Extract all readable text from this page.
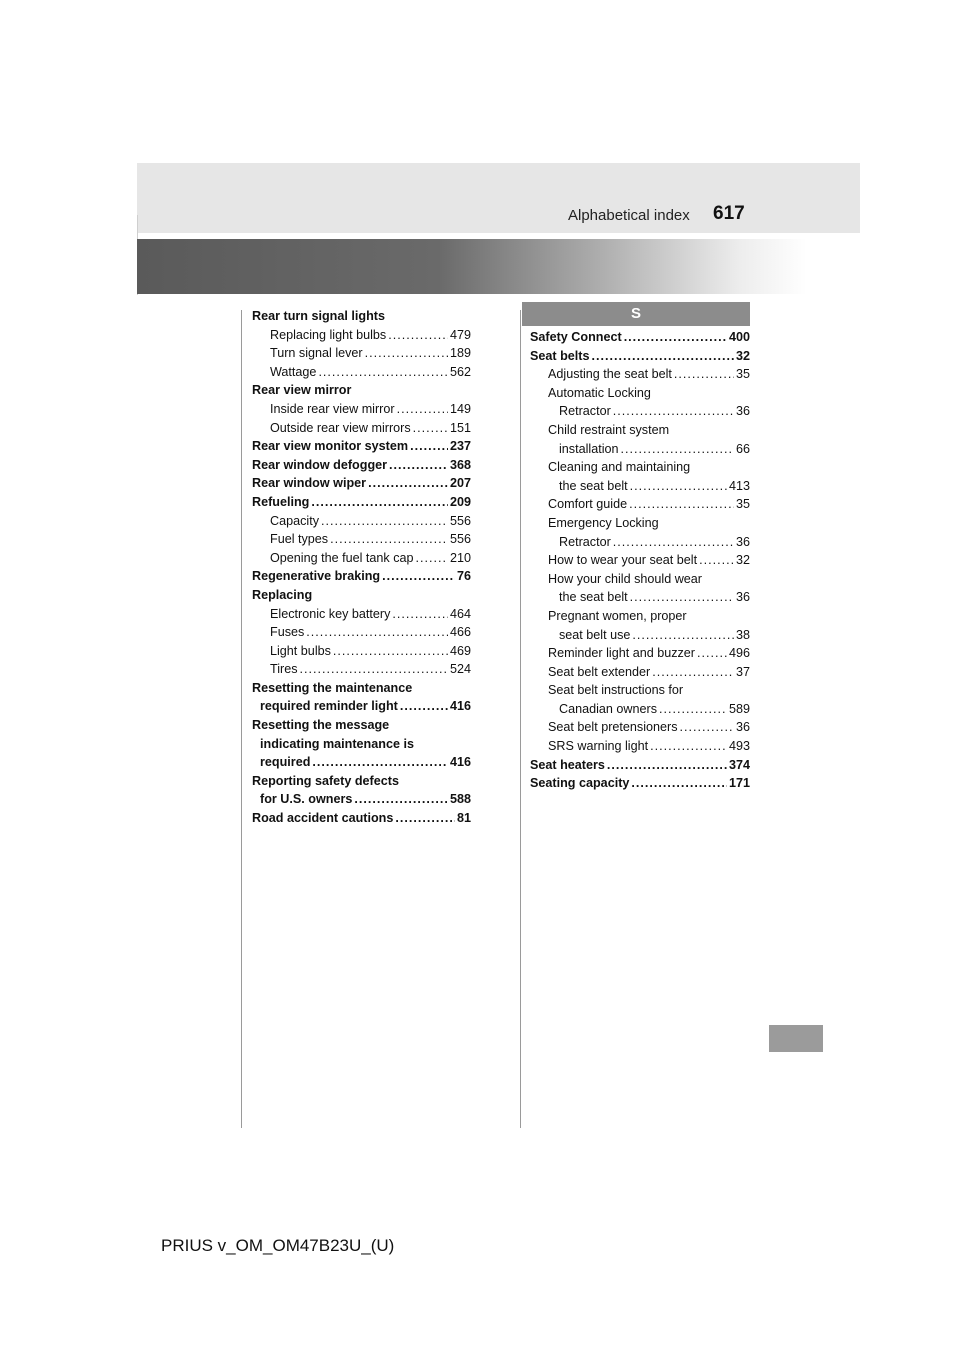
Alphabetical index 617
Rear turn signal lights
Replacing light bulbs .....	479
Turn signal lever .....	189
Wattage .....	562
Rear view mirror
Inside rear view mirror .....	149
Outside rear view mirrors .....	151
Rear view monitor system .....	237
Rear window defogger .....	368
Rear window wiper .....	207
Refueling .....	209
Capacity .....	556
Fuel types .....	556
Opening the fuel tank cap .....	210
Regenerative braking .....	76
Replacing
Electronic key battery .....	464
Fuses .....	466
Light bulbs .....	469
Tires .....	524
Resetting the maintenance
required reminder light .....	416
Resetting the message
indicating maintenance is
required .....	416
Reporting safety defects
for U.S. owners .....	588
Road accident cautions .....	81
S
Safety Connect .....	400
Seat belts .....	32
Adjusting the seat belt .....	35
Automatic Locking
Retractor .....	36
Child restraint system
installation .....	66
Cleaning and maintaining
the seat belt .....	413
Comfort guide .....	35
Emergency Locking
Retractor .....	36
How to wear your seat belt .....	32
How your child should wear
the seat belt .....	36
Pregnant women, proper
seat belt use .....	38
Reminder light and buzzer .....	496
Seat belt extender .....	37
Seat belt instructions for
Canadian owners .....	589
Seat belt pretensioners .....	36
SRS warning light .....	493
Seat heaters .....	374
Seating capacity .....	171
PRIUS v_OM_OM47B23U_(U)
